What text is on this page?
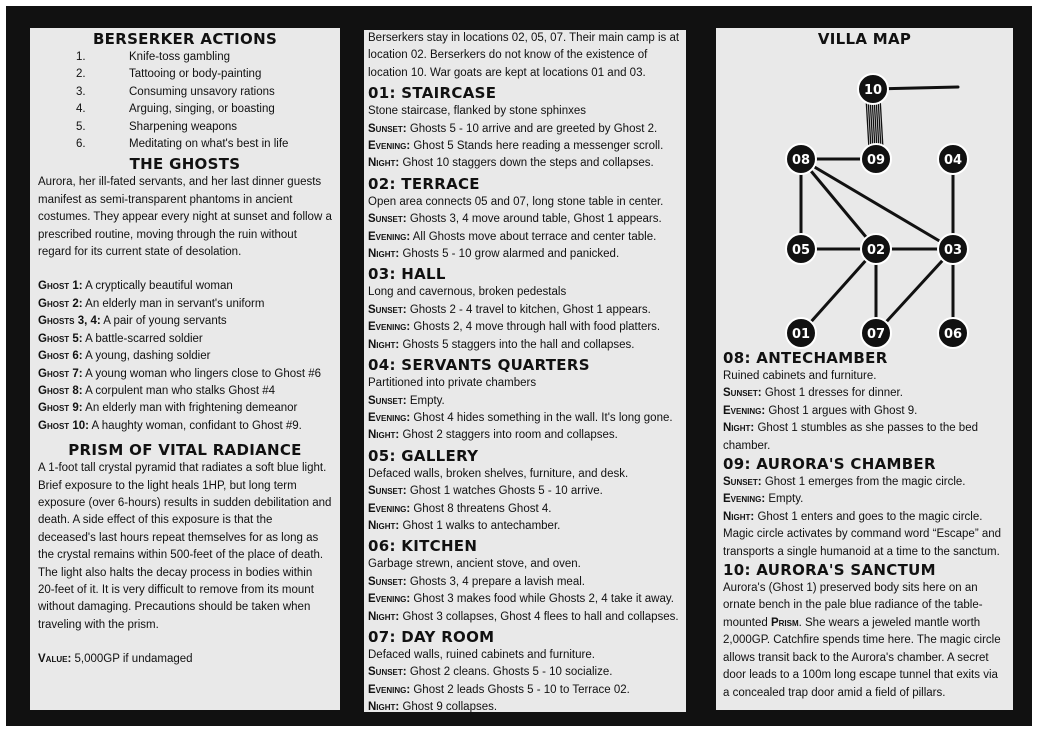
BERSERKER ACTIONS
1.	Knife-toss gambling
2.	Tattooing or body-painting
3.	Consuming unsavory rations
4.	Arguing, singing, or boasting
5.	Sharpening weapons
6.	Meditating on what's best in life
THE GHOSTS

Aurora, her ill-fated servants, and her last dinner guests manifest as semi-transparent phantoms in ancient costumes. They appear every night at sunset and follow a prescribed routine, moving through the ruin without regard for its current state of desolation.

Ghost 1: A cryptically beautiful woman

Ghost 2: An elderly man in servant's uniform

Ghosts 3, 4: A pair of young servants

Ghost 5: A battle-scarred soldier

Ghost 6: A young, dashing soldier

Ghost 7: A young woman who lingers close to Ghost #6

Ghost 8: A corpulent man who stalks Ghost #4

Ghost 9: An elderly man with frightening demeanor

Ghost 10: A haughty woman, confidant to Ghost #9.

PRISM OF VITAL RADIANCE

A 1-foot tall crystal pyramid that radiates a soft blue light. Brief exposure to the light heals 1HP, but long term exposure (over 6-hours) results in sudden debilitation and death. A side effect of this exposure is that the deceased's last hours repeat themselves for as long as the crystal remains within 500-feet of the place of death. The light also halts the decay process in bodies within 20-feet of it. It is very difficult to remove from its mount without damaging. Precautions should be taken when traveling with the prism.

Value: 5,000GP if undamaged

Berserkers stay in locations 02, 05, 07. Their main camp is at location 02. Berserkers do not know of the existence of location 10. War goats are kept at locations 01 and 03.

01: STAIRCASE

Stone staircase, flanked by stone sphinxes

Sunset: Ghosts 5 - 10 arrive and are greeted by Ghost 2.

Evening: Ghost 5 Stands here reading a messenger scroll.

Night: Ghost 10 staggers down the steps and collapses.

02: TERRACE

Open area connects 05 and 07, long stone table in center.

Sunset: Ghosts 3, 4 move around table, Ghost 1 appears.

Evening: All Ghosts move about terrace and center table.

Night: Ghosts 5 - 10 grow alarmed and panicked.

03: HALL

Long and cavernous, broken pedestals

Sunset: Ghosts 2 - 4 travel to kitchen, Ghost 1 appears.

Evening: Ghosts 2, 4 move through hall with food platters.

Night: Ghosts 5 staggers into the hall and collapses.

04: SERVANTS QUARTERS

Partitioned into private chambers

Sunset: Empty.

Evening: Ghost 4 hides something in the wall. It's long gone.

Night: Ghost 2 staggers into room and collapses.

05: GALLERY

Defaced walls, broken shelves, furniture, and desk.

Sunset: Ghost 1 watches Ghosts 5 - 10 arrive.

Evening: Ghost 8 threatens Ghost 4.

Night: Ghost 1 walks to antechamber.

06: KITCHEN

Garbage strewn, ancient stove, and oven.

Sunset: Ghosts 3, 4 prepare a lavish meal.

Evening: Ghost 3 makes food while Ghosts 2, 4 take it away.

Night: Ghost 3 collapses, Ghost 4 flees to hall and collapses.

07: DAY ROOM

Defaced walls, ruined cabinets and furniture.

Sunset: Ghost 2 cleans. Ghosts 5 - 10 socialize.

Evening: Ghost 2 leads Ghosts 5 - 10 to Terrace 02.

Night: Ghost 9 collapses.

VILLA MAP
10
08	09	04
05	02	03
01	07	06
08: ANTECHAMBER

Ruined cabinets and furniture.

Sunset: Ghost 1 dresses for dinner.

Evening: Ghost 1 argues with Ghost 9.

Night: Ghost 1 stumbles as she passes to the bed chamber.

09: AURORA'S CHAMBER

Sunset: Ghost 1 emerges from the magic circle.

Evening: Empty.

Night: Ghost 1 enters and goes to the magic circle.

Magic circle activates by command word “Escape” and transports a single humanoid at a time to the sanctum.

10: AURORA'S SANCTUM

Aurora's (Ghost 1) preserved body sits here on an ornate bench in the pale blue radiance of the table-mounted Prism. She wears a jeweled mantle worth 2,000GP. Catchfire spends time here. The magic circle allows transit back to the Aurora's chamber. A secret door leads to a 100m long escape tunnel that exits via a concealed trap door amid a field of pillars.
